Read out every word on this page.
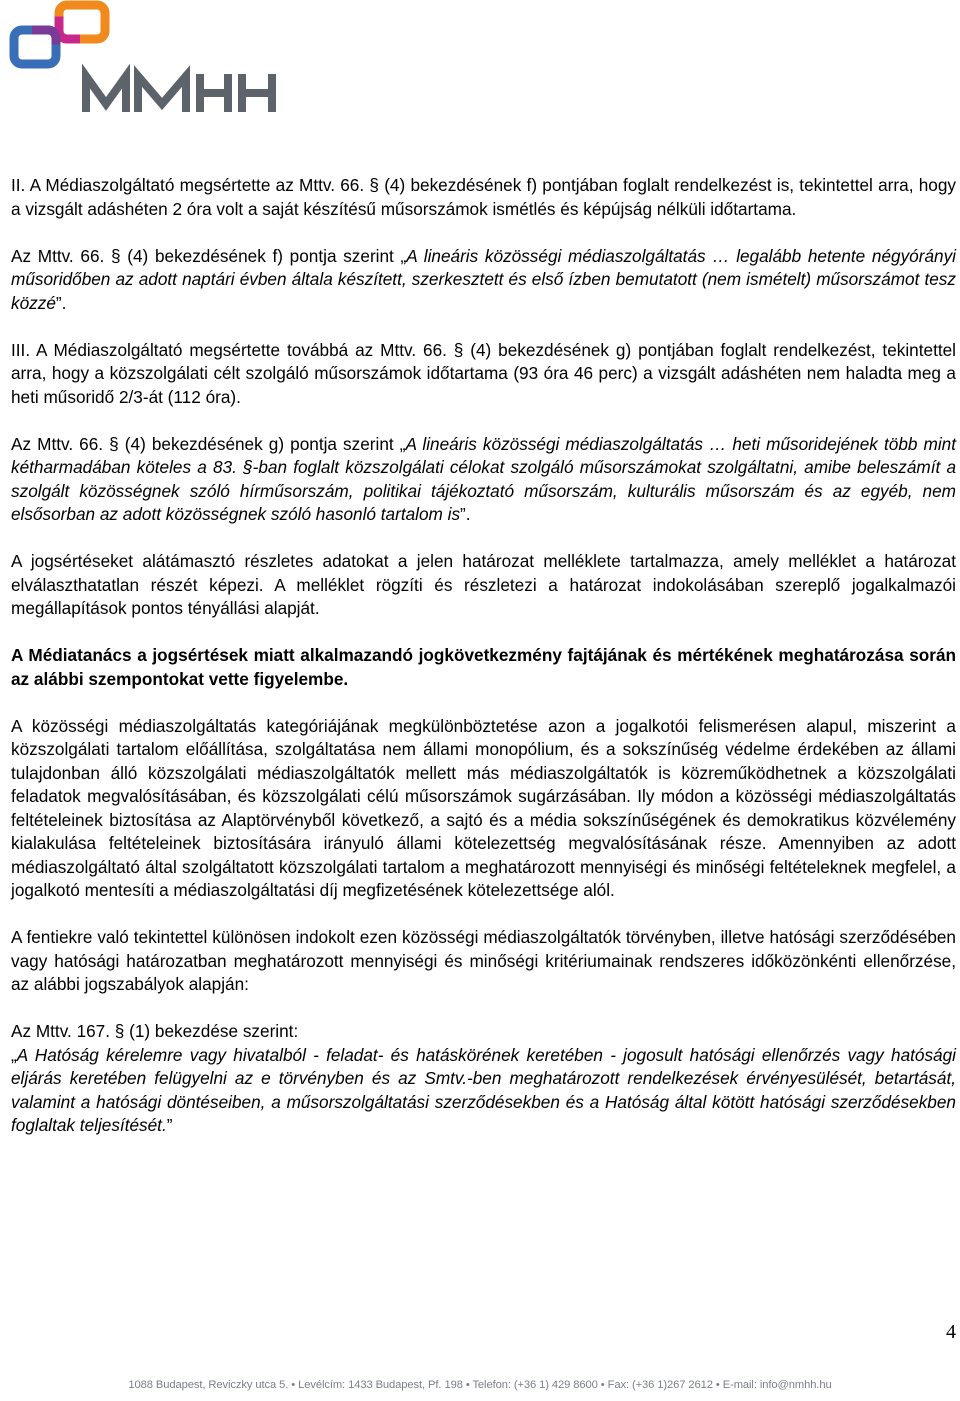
II. A Médiaszolgáltató megsértette az Mttv. 66. § (4) bekezdésének f) pontjában foglalt rendelkezést is, tekintettel arra, hogy a vizsgált adáshéten 2 óra volt a saját készítésű műsorszámok ismétlés és képújság nélküli időtartama.

Az Mttv. 66. § (4) bekezdésének f) pontja szerint „A lineáris közösségi médiaszolgáltatás … legalább hetente négyórányi műsoridőben az adott naptári évben általa készített, szerkesztett és első ízben bemutatott (nem ismételt) műsorszámot tesz közzé”.

III. A Médiaszolgáltató megsértette továbbá az Mttv. 66. § (4) bekezdésének g) pontjában foglalt rendelkezést, tekintettel arra, hogy a közszolgálati célt szolgáló műsorszámok időtartama (93 óra 46 perc) a vizsgált adáshéten nem haladta meg a heti műsoridő 2/3-át (112 óra).

Az Mttv. 66. § (4) bekezdésének g) pontja szerint „A lineáris közösségi médiaszolgáltatás … heti műsoridejének több mint kétharmadában köteles a 83. §-ban foglalt közszolgálati célokat szolgáló műsorszámokat szolgáltatni, amibe beleszámít a szolgált közösségnek szóló hírműsorszám, politikai tájékoztató műsorszám, kulturális műsorszám és az egyéb, nem elsősorban az adott közösségnek szóló hasonló tartalom is”.

A jogsértéseket alátámasztó részletes adatokat a jelen határozat melléklete tartalmazza, amely melléklet a határozat elválaszthatatlan részét képezi. A melléklet rögzíti és részletezi a határozat indokolásában szereplő jogalkalmazói megállapítások pontos tényállási alapját.

A Médiatanács a jogsértések miatt alkalmazandó jogkövetkezmény fajtájának és mértékének meghatározása során az alábbi szempontokat vette figyelembe.

A közösségi médiaszolgáltatás kategóriájának megkülönböztetése azon a jogalkotói felismerésen alapul, miszerint a közszolgálati tartalom előállítása, szolgáltatása nem állami monopólium, és a sokszínűség védelme érdekében az állami tulajdonban álló közszolgálati médiaszolgáltatók mellett más médiaszolgáltatók is közreműködhetnek a közszolgálati feladatok megvalósításában, és közszolgálati célú műsorszámok sugárzásában. Ily módon a közösségi médiaszolgáltatás feltételeinek biztosítása az Alaptörvényből következő, a sajtó és a média sokszínűségének és demokratikus közvélemény kialakulása feltételeinek biztosítására irányuló állami kötelezettség megvalósításának része. Amennyiben az adott médiaszolgáltató által szolgáltatott közszolgálati tartalom a meghatározott mennyiségi és minőségi feltételeknek megfelel, a jogalkotó mentesíti a médiaszolgáltatási díj megfizetésének kötelezettsége alól.

A fentiekre való tekintettel különösen indokolt ezen közösségi médiaszolgáltatók törvényben, illetve hatósági szerződésében vagy hatósági határozatban meghatározott mennyiségi és minőségi kritériumainak rendszeres időközönkénti ellenőrzése, az alábbi jogszabályok alapján:

Az Mttv. 167. § (1) bekezdése szerint:

„A Hatóság kérelemre vagy hivatalból - feladat- és hatáskörének keretében - jogosult hatósági ellenőrzés vagy hatósági eljárás keretében felügyelni az e törvényben és az Smtv.-ben meghatározott rendelkezések érvényesülését, betartását, valamint a hatósági döntéseiben, a műsorszolgáltatási szerződésekben és a Hatóság által kötött hatósági szerződésekben foglaltak teljesítését.”

4
1088 Budapest, Reviczky utca 5. • Levélcím: 1433 Budapest, Pf. 198 • Telefon: (+36 1) 429 8600 • Fax: (+36 1)267 2612 • E-mail: info@nmhh.hu
